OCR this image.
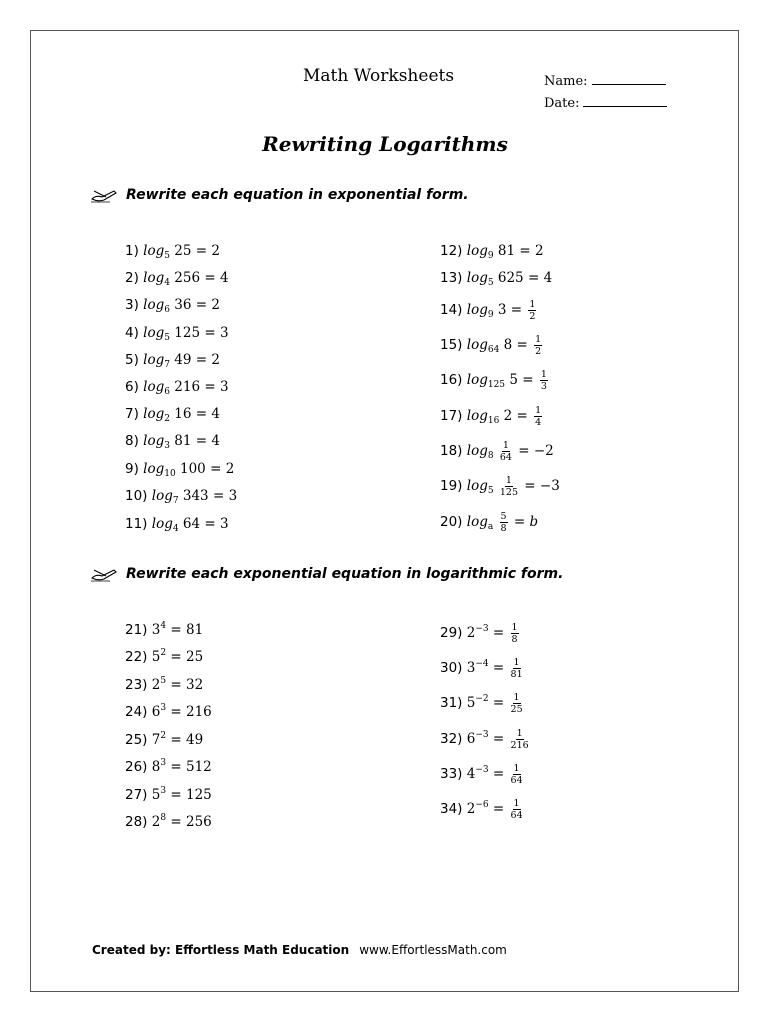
Math Worksheets	Name:
Date:
Rewriting Logarithms
Rewrite each equation in exponential form.
1) $\log_5 25 = 2$
2) $\log_4 256 = 4$
3) $\log_6 36 = 2$
4) $\log_5 125 = 3$
5) $\log_7 49 = 2$
6) $\log_6 216 = 3$
7) $\log_2 16 = 4$
8) $\log_3 81 = 4$
9) $\log_{10} 100 = 2$
10) $\log_7 343 = 3$
11) $\log_4 64 = 3$
12) $\log_9 81 = 2$
13) $\log_5 625 = 4$
14) $\log_9 3 = \frac{1}{2}$
15) $\log_{64} 8 = \frac{1}{2}$
16) $\log_{125} 5 = \frac{1}{3}$
17) $\log_{16} 2 = \frac{1}{4}$
18) $\log_8 \frac{1}{64} = -2$
19) $\log_5 \frac{1}{125} = -3$
20) $\log_a \frac{5}{8} = b$
Rewrite each exponential equation in logarithmic form.
21) $3^4 = 81$
22) $5^2 = 25$
23) $2^5 = 32$
24) $6^3 = 216$
25) $7^2 = 49$
26) $8^3 = 512$
27) $5^3 = 125$
28) $2^8 = 256$
29) $2^{-3} = \frac{1}{8}$
30) $3^{-4} = \frac{1}{81}$
31) $5^{-2} = \frac{1}{25}$
32) $6^{-3} = \frac{1}{216}$
33) $4^{-3} = \frac{1}{64}$
34) $2^{-6} = \frac{1}{64}$
Created by: Effortless Math Education www.EffortlessMath.com
